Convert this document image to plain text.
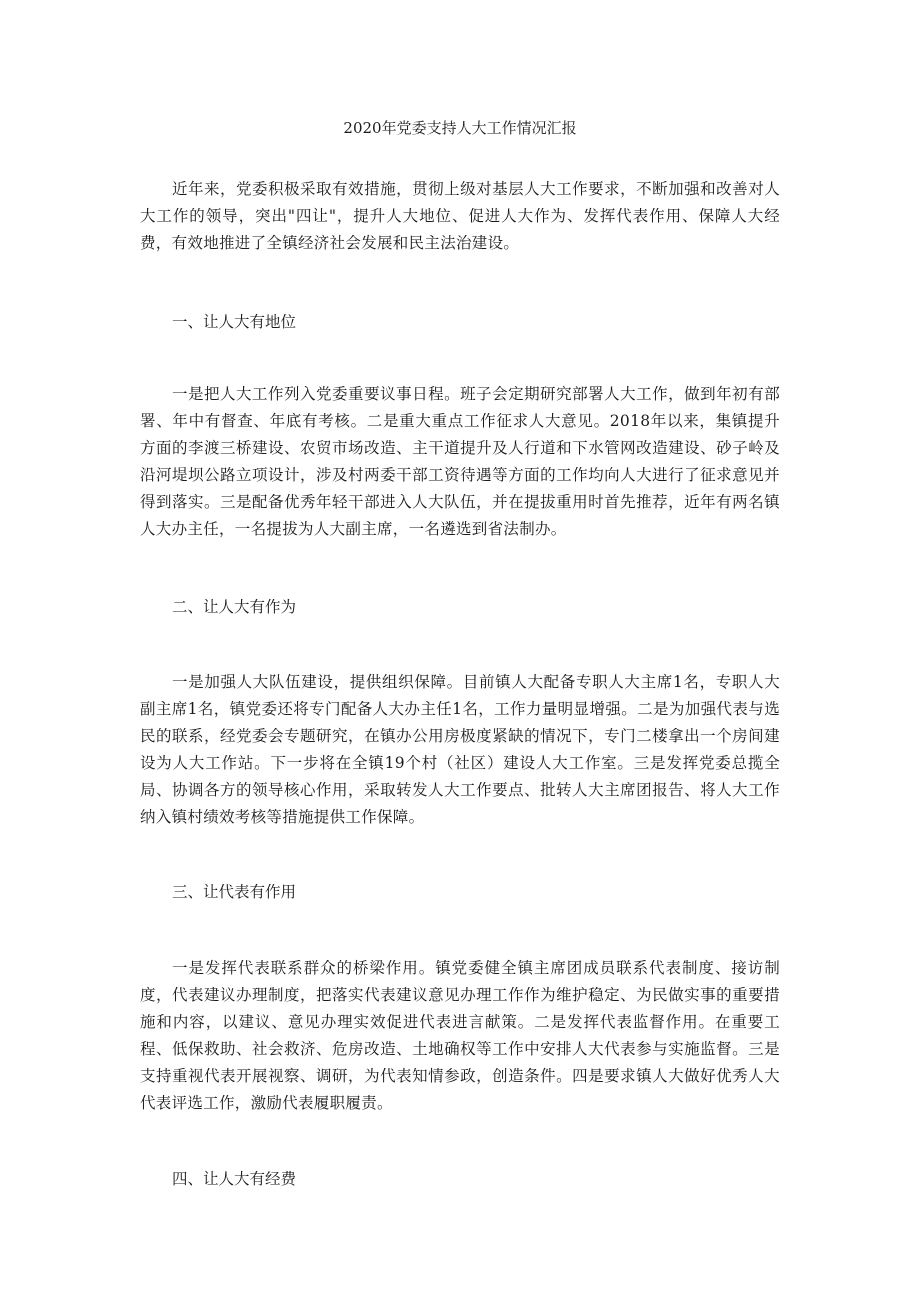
2020年党委支持人大工作情况汇报

近年来，党委积极采取有效措施，贯彻上级对基层人大工作要求，不断加强和改善对人大工作的领导，突出"四让"，提升人大地位、促进人大作为、发挥代表作用、保障人大经费，有效地推进了全镇经济社会发展和民主法治建设。

一、让人大有地位

一是把人大工作列入党委重要议事日程。班子会定期研究部署人大工作，做到年初有部署、年中有督查、年底有考核。二是重大重点工作征求人大意见。2018年以来，集镇提升方面的李渡三桥建设、农贸市场改造、主干道提升及人行道和下水管网改造建设、砂子岭及沿河堤坝公路立项设计，涉及村两委干部工资待遇等方面的工作均向人大进行了征求意见并得到落实。三是配备优秀年轻干部进入人大队伍，并在提拔重用时首先推荐，近年有两名镇人大办主任，一名提拔为人大副主席，一名遴选到省法制办。

二、让人大有作为

一是加强人大队伍建设，提供组织保障。目前镇人大配备专职人大主席1名，专职人大副主席1名，镇党委还将专门配备人大办主任1名，工作力量明显增强。二是为加强代表与选民的联系，经党委会专题研究，在镇办公用房极度紧缺的情况下，专门二楼拿出一个房间建设为人大工作站。下一步将在全镇19个村（社区）建设人大工作室。三是发挥党委总揽全局、协调各方的领导核心作用，采取转发人大工作要点、批转人大主席团报告、将人大工作纳入镇村绩效考核等措施提供工作保障。

三、让代表有作用

一是发挥代表联系群众的桥梁作用。镇党委健全镇主席团成员联系代表制度、接访制度，代表建议办理制度，把落实代表建议意见办理工作作为维护稳定、为民做实事的重要措施和内容，以建议、意见办理实效促进代表进言献策。二是发挥代表监督作用。在重要工程、低保救助、社会救济、危房改造、土地确权等工作中安排人大代表参与实施监督。三是支持重视代表开展视察、调研，为代表知情参政，创造条件。四是要求镇人大做好优秀人大代表评选工作，激励代表履职履责。

四、让人大有经费
